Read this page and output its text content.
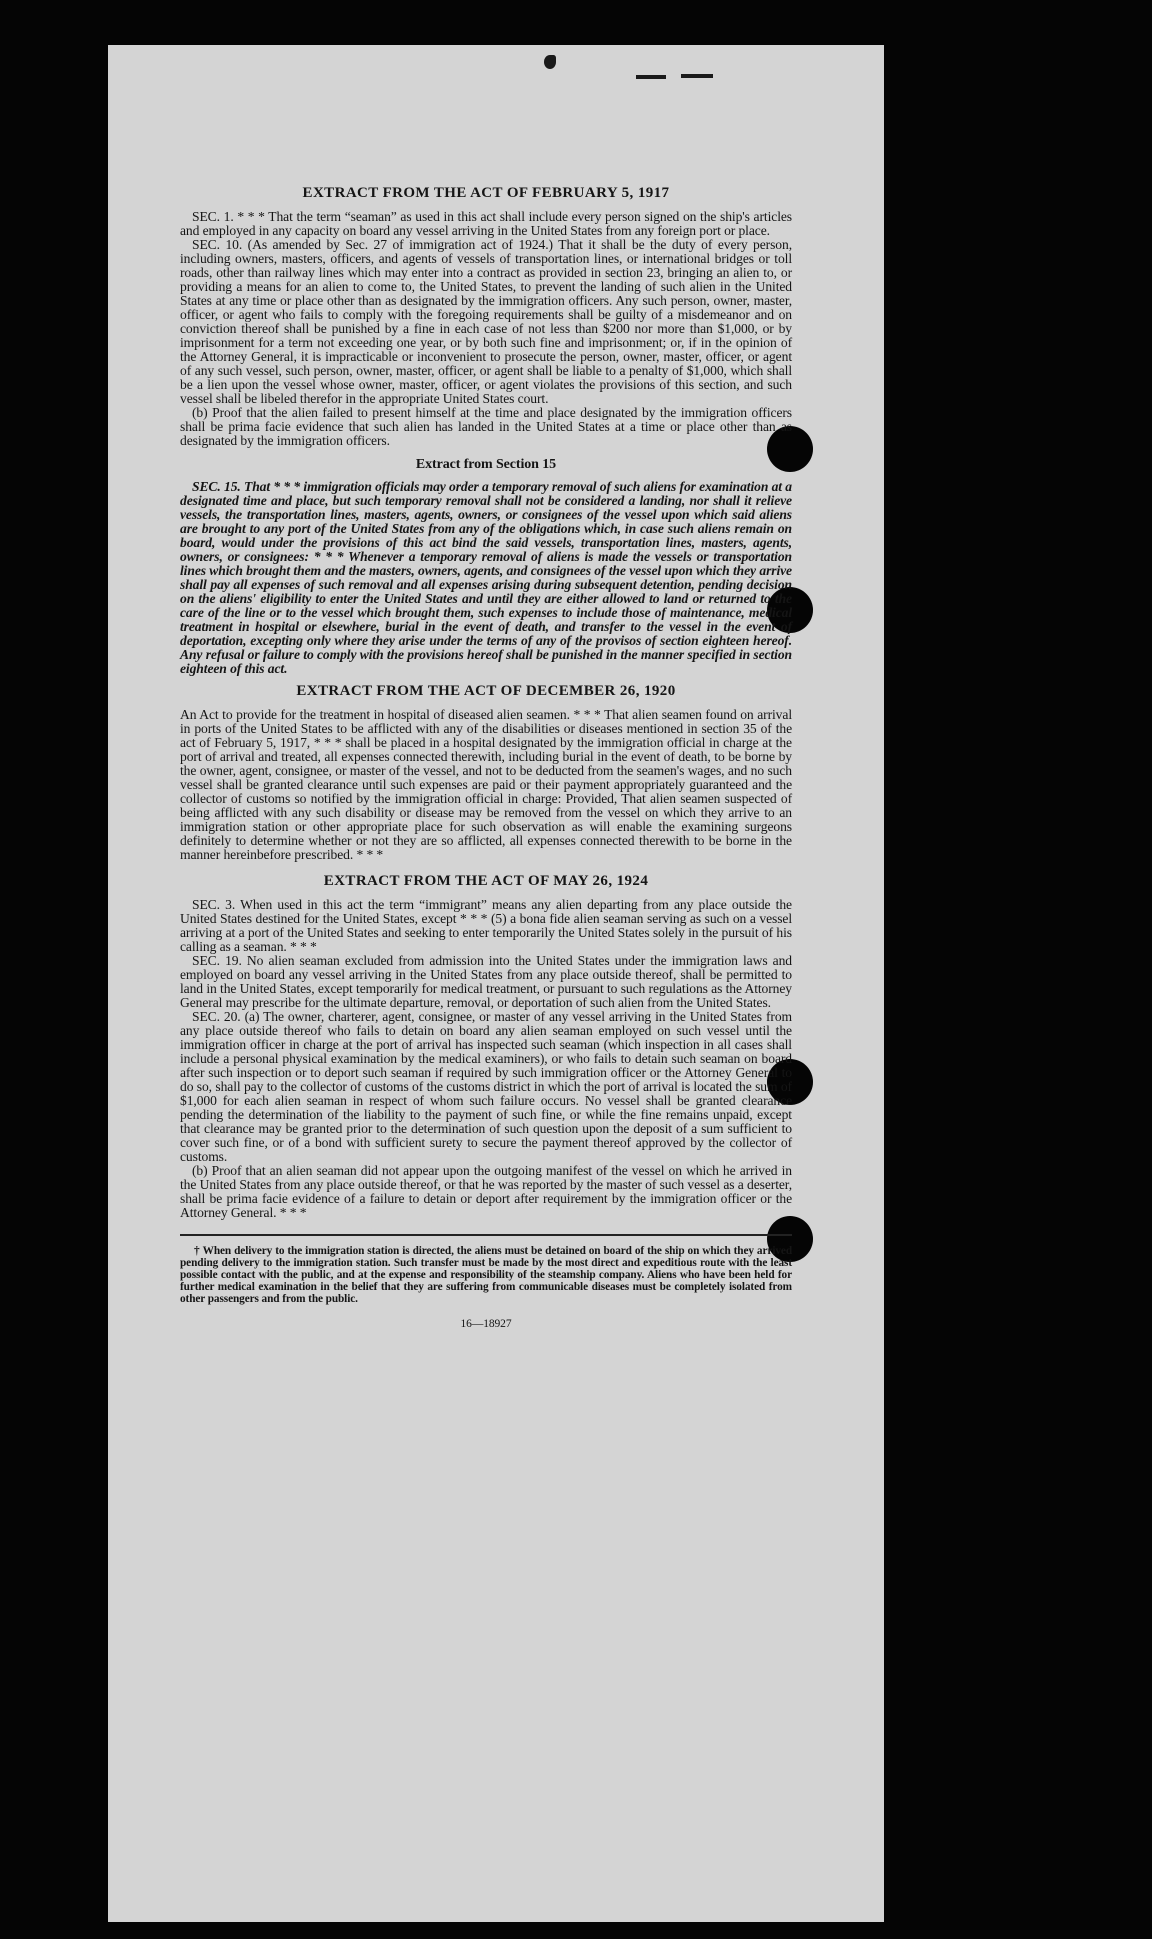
EXTRACT FROM THE ACT OF FEBRUARY 5, 1917

SEC. 1. * * * That the term “seaman” as used in this act shall include every person signed on the ship's articles and employed in any capacity on board any vessel arriving in the United States from any foreign port or place.

SEC. 10. (As amended by Sec. 27 of immigration act of 1924.) That it shall be the duty of every person, including owners, masters, officers, and agents of vessels of transportation lines, or international bridges or toll roads, other than railway lines which may enter into a contract as provided in section 23, bringing an alien to, or providing a means for an alien to come to, the United States, to prevent the landing of such alien in the United States at any time or place other than as designated by the immigration officers. Any such person, owner, master, officer, or agent who fails to comply with the foregoing requirements shall be guilty of a misdemeanor and on conviction thereof shall be punished by a fine in each case of not less than $200 nor more than $1,000, or by imprisonment for a term not exceeding one year, or by both such fine and imprisonment; or, if in the opinion of the Attorney General, it is impracticable or inconvenient to prosecute the person, owner, master, officer, or agent of any such vessel, such person, owner, master, officer, or agent shall be liable to a penalty of $1,000, which shall be a lien upon the vessel whose owner, master, officer, or agent violates the provisions of this section, and such vessel shall be libeled therefor in the appropriate United States court.

(b) Proof that the alien failed to present himself at the time and place designated by the immigration officers shall be prima facie evidence that such alien has landed in the United States at a time or place other than as designated by the immigration officers.

Extract from Section 15

SEC. 15. That * * * immigration officials may order a temporary removal of such aliens for examination at a designated time and place, but such temporary removal shall not be considered a landing, nor shall it relieve vessels, the transportation lines, masters, agents, owners, or consignees of the vessel upon which said aliens are brought to any port of the United States from any of the obligations which, in case such aliens remain on board, would under the provisions of this act bind the said vessels, transportation lines, masters, agents, owners, or consignees: * * * Whenever a temporary removal of aliens is made the vessels or transportation lines which brought them and the masters, owners, agents, and consignees of the vessel upon which they arrive shall pay all expenses of such removal and all expenses arising during subsequent detention, pending decision on the aliens' eligibility to enter the United States and until they are either allowed to land or returned to the care of the line or to the vessel which brought them, such expenses to include those of maintenance, medical treatment in hospital or elsewhere, burial in the event of death, and transfer to the vessel in the event of deportation, excepting only where they arise under the terms of any of the provisos of section eighteen hereof. Any refusal or failure to comply with the provisions hereof shall be punished in the manner specified in section eighteen of this act.

EXTRACT FROM THE ACT OF DECEMBER 26, 1920

An Act to provide for the treatment in hospital of diseased alien seamen. * * * That alien seamen found on arrival in ports of the United States to be afflicted with any of the disabilities or diseases mentioned in section 35 of the act of February 5, 1917, * * * shall be placed in a hospital designated by the immigration official in charge at the port of arrival and treated, all expenses connected therewith, including burial in the event of death, to be borne by the owner, agent, consignee, or master of the vessel, and not to be deducted from the seamen's wages, and no such vessel shall be granted clearance until such expenses are paid or their payment appropriately guaranteed and the collector of customs so notified by the immigration official in charge: Provided, That alien seamen suspected of being afflicted with any such disability or disease may be removed from the vessel on which they arrive to an immigration station or other appropriate place for such observation as will enable the examining surgeons definitely to determine whether or not they are so afflicted, all expenses connected therewith to be borne in the manner hereinbefore prescribed. * * *

EXTRACT FROM THE ACT OF MAY 26, 1924

SEC. 3. When used in this act the term “immigrant” means any alien departing from any place outside the United States destined for the United States, except * * * (5) a bona fide alien seaman serving as such on a vessel arriving at a port of the United States and seeking to enter temporarily the United States solely in the pursuit of his calling as a seaman. * * *

SEC. 19. No alien seaman excluded from admission into the United States under the immigration laws and employed on board any vessel arriving in the United States from any place outside thereof, shall be permitted to land in the United States, except temporarily for medical treatment, or pursuant to such regulations as the Attorney General may prescribe for the ultimate departure, removal, or deportation of such alien from the United States.

SEC. 20. (a) The owner, charterer, agent, consignee, or master of any vessel arriving in the United States from any place outside thereof who fails to detain on board any alien seaman employed on such vessel until the immigration officer in charge at the port of arrival has inspected such seaman (which inspection in all cases shall include a personal physical examination by the medical examiners), or who fails to detain such seaman on board after such inspection or to deport such seaman if required by such immigration officer or the Attorney General to do so, shall pay to the collector of customs of the customs district in which the port of arrival is located the sum of $1,000 for each alien seaman in respect of whom such failure occurs. No vessel shall be granted clearance pending the determination of the liability to the payment of such fine, or while the fine remains unpaid, except that clearance may be granted prior to the determination of such question upon the deposit of a sum sufficient to cover such fine, or of a bond with sufficient surety to secure the payment thereof approved by the collector of customs.

(b) Proof that an alien seaman did not appear upon the outgoing manifest of the vessel on which he arrived in the United States from any place outside thereof, or that he was reported by the master of such vessel as a deserter, shall be prima facie evidence of a failure to detain or deport after requirement by the immigration officer or the Attorney General. * * *

† When delivery to the immigration station is directed, the aliens must be detained on board of the ship on which they arrived pending delivery to the immigration station. Such transfer must be made by the most direct and expeditious route with the least possible contact with the public, and at the expense and responsibility of the steamship company. Aliens who have been held for further medical examination in the belief that they are suffering from communicable diseases must be completely isolated from other passengers and from the public.

16—18927
